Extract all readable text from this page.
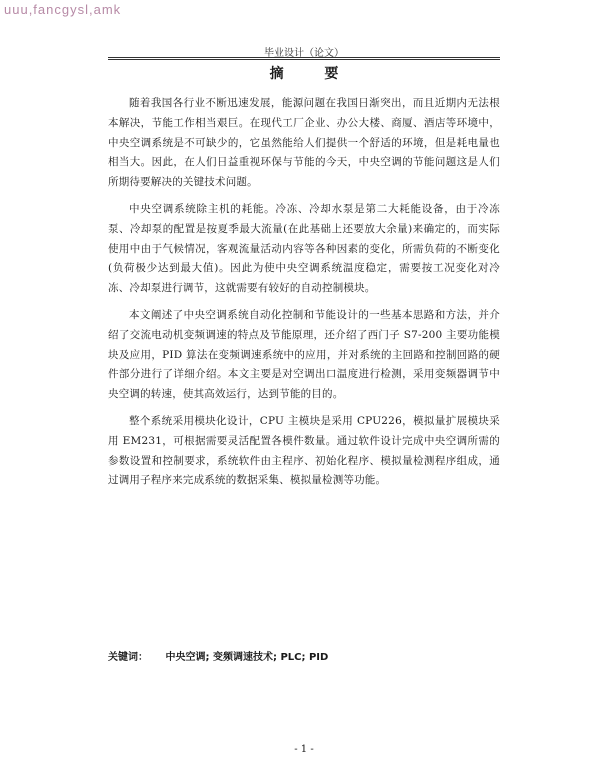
uuu,fancgysl,amk
毕业设计（论文）
摘 要

随着我国各行业不断迅速发展，能源问题在我国日渐突出，而且近期内无法根本解决，节能工作相当艰巨。在现代工厂企业、办公大楼、商厦、酒店等环境中，中央空调系统是不可缺少的，它虽然能给人们提供一个舒适的环境，但是耗电量也相当大。因此，在人们日益重视环保与节能的今天，中央空调的节能问题这是人们所期待要解决的关键技术问题。

中央空调系统除主机的耗能。冷冻、冷却水泵是第二大耗能设备，由于冷冻泵、冷却泵的配置是按夏季最大流量(在此基础上还要放大余量)来确定的，而实际使用中由于气候情况，客观流量活动内容等各种因素的变化，所需负荷的不断变化(负荷极少达到最大值)。因此为使中央空调系统温度稳定，需要按工况变化对冷冻、冷却泵进行调节，这就需要有较好的自动控制模块。

本文阐述了中央空调系统自动化控制和节能设计的一些基本思路和方法，并介绍了交流电动机变频调速的特点及节能原理，还介绍了西门子 S7-200 主要功能模块及应用，PID 算法在变频调速系统中的应用，并对系统的主回路和控制回路的硬件部分进行了详细介绍。本文主要是对空调出口温度进行检测，采用变频器调节中央空调的转速，使其高效运行，达到节能的目的。

整个系统采用模块化设计，CPU 主模块是采用 CPU226，模拟量扩展模块采用 EM231，可根据需要灵活配置各模件数量。通过软件设计完成中央空调所需的参数设置和控制要求，系统软件由主程序、初始化程序、模拟量检测程序组成，通过调用子程序来完成系统的数据采集、模拟量检测等功能。

关键词： 中央空调; 变频调速技术; PLC; PID
- 1 -
